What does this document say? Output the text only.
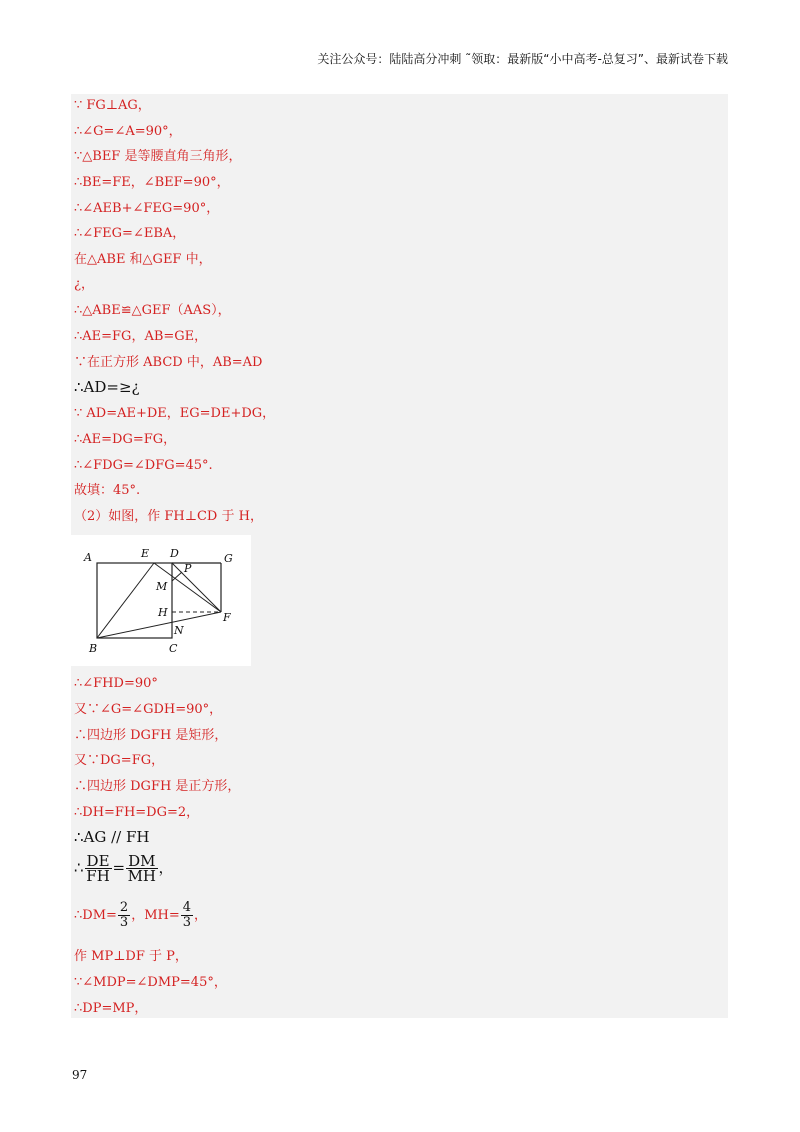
关注公众号：陆陆高分冲刺 ˜领取：最新版“小中高考-总复习”、最新试卷下载
∵ FG⊥AG，
∴∠G=∠A=90°，
∵△BEF 是等腰直角三角形，
∴BE=FE，∠BEF=90°，
∴∠AEB+∠FEG=90°，
∴∠FEG=∠EBA，
在△ABE 和△GEF 中，
¿，
∴△ABE≌△GEF（AAS），
∴AE=FG，AB=GE，
∵在正方形 ABCD 中，AB=AD
∴AD=≥¿
∵ AD=AE+DE，EG=DE+DG，
∴AE=DG=FG，
∴∠FDG=∠DFG=45°.
故填：45°.
（2）如图，作 FH⊥CD 于 H，
A	E D	G
P
M
H	F
N
B	C
∴∠FHD=90°
又∵∠G=∠GDH=90°，
∴四边形 DGFH 是矩形，
又∵DG=FG，
∴四边形 DGFH 是正方形，
∴DH=FH=DG=2，
∴AG // FH
∴ $\frac{DE}{FH} = \frac{DM}{MH}$ ，
∴DM= $\frac{2}{3}$ ，$MH= \frac{4}{3}$ ，
作 MP⊥DF 于 P，
∵∠MDP=∠DMP=45°，
∴DP=MP，
97
